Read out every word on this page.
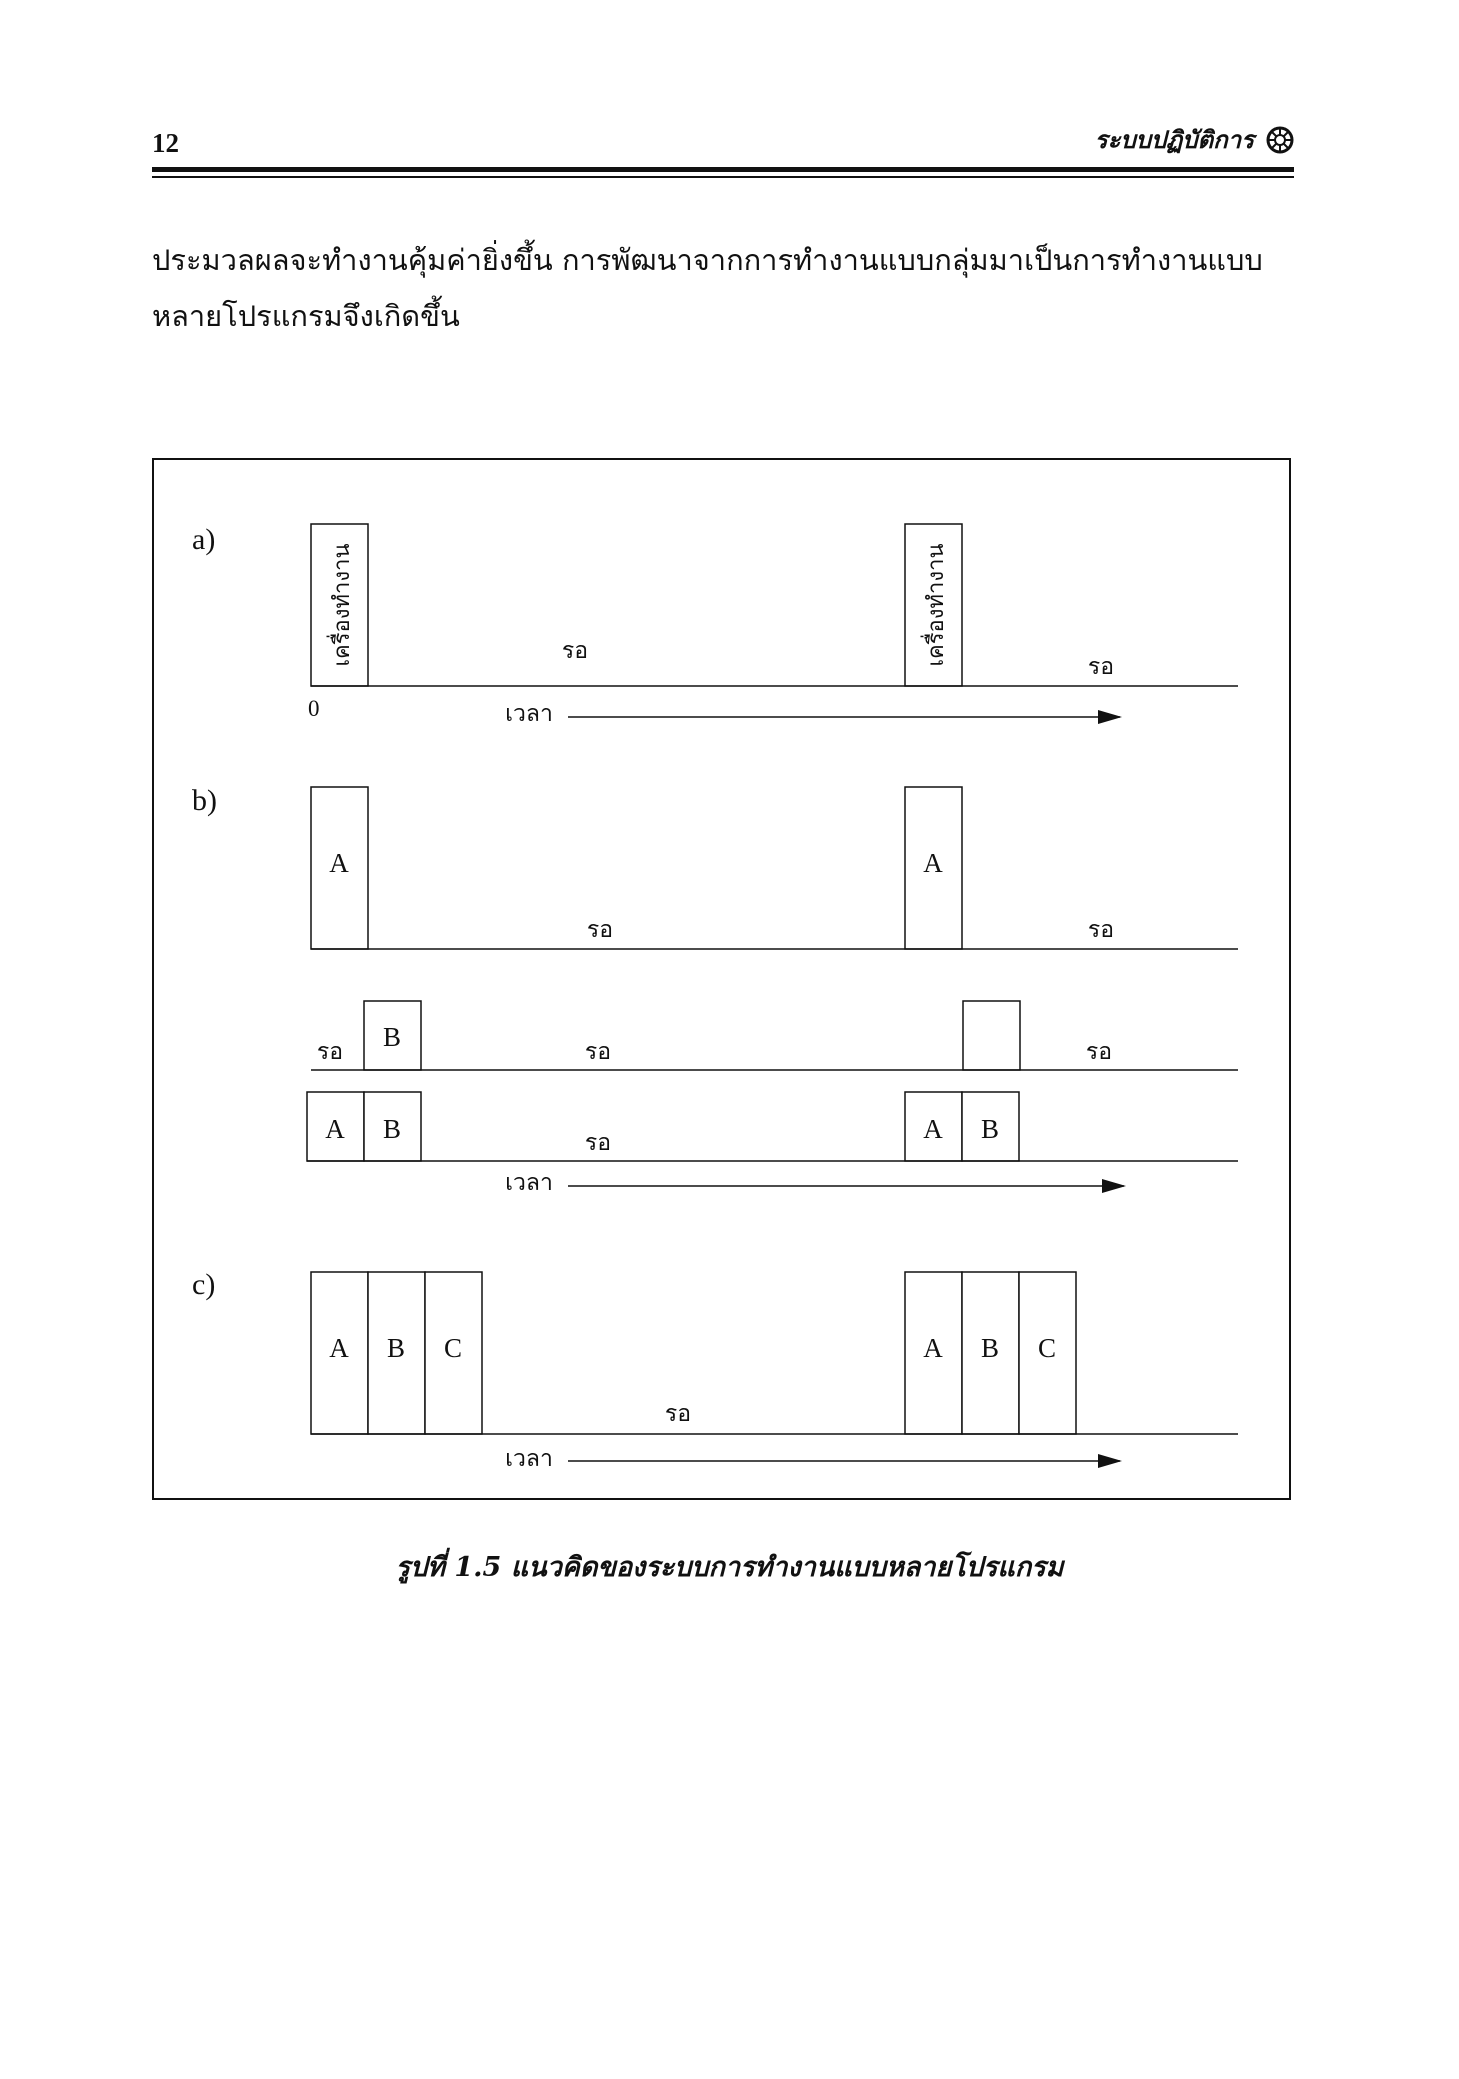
12	ระบบปฏิบัติการ

ประมวลผลจะทำงานคุ้มค่ายิ่งขึ้น การพัฒนาจากการทำงานแบบกลุ่มมาเป็นการทำงานแบบหลายโปรแกรมจึงเกิดขึ้น

a)
เครื่องทำงาน	เครื่องทำงาน
รอ
รอ
0	เวลา
b)
A	A
รอ	รอ
รอ B	รอ	รอ
A B	A B
รอ
เวลา
c)
A B C	A B C
รอ
เวลา
รูปที่ 1.5 แนวคิดของระบบการทำงานแบบหลายโปรแกรม
